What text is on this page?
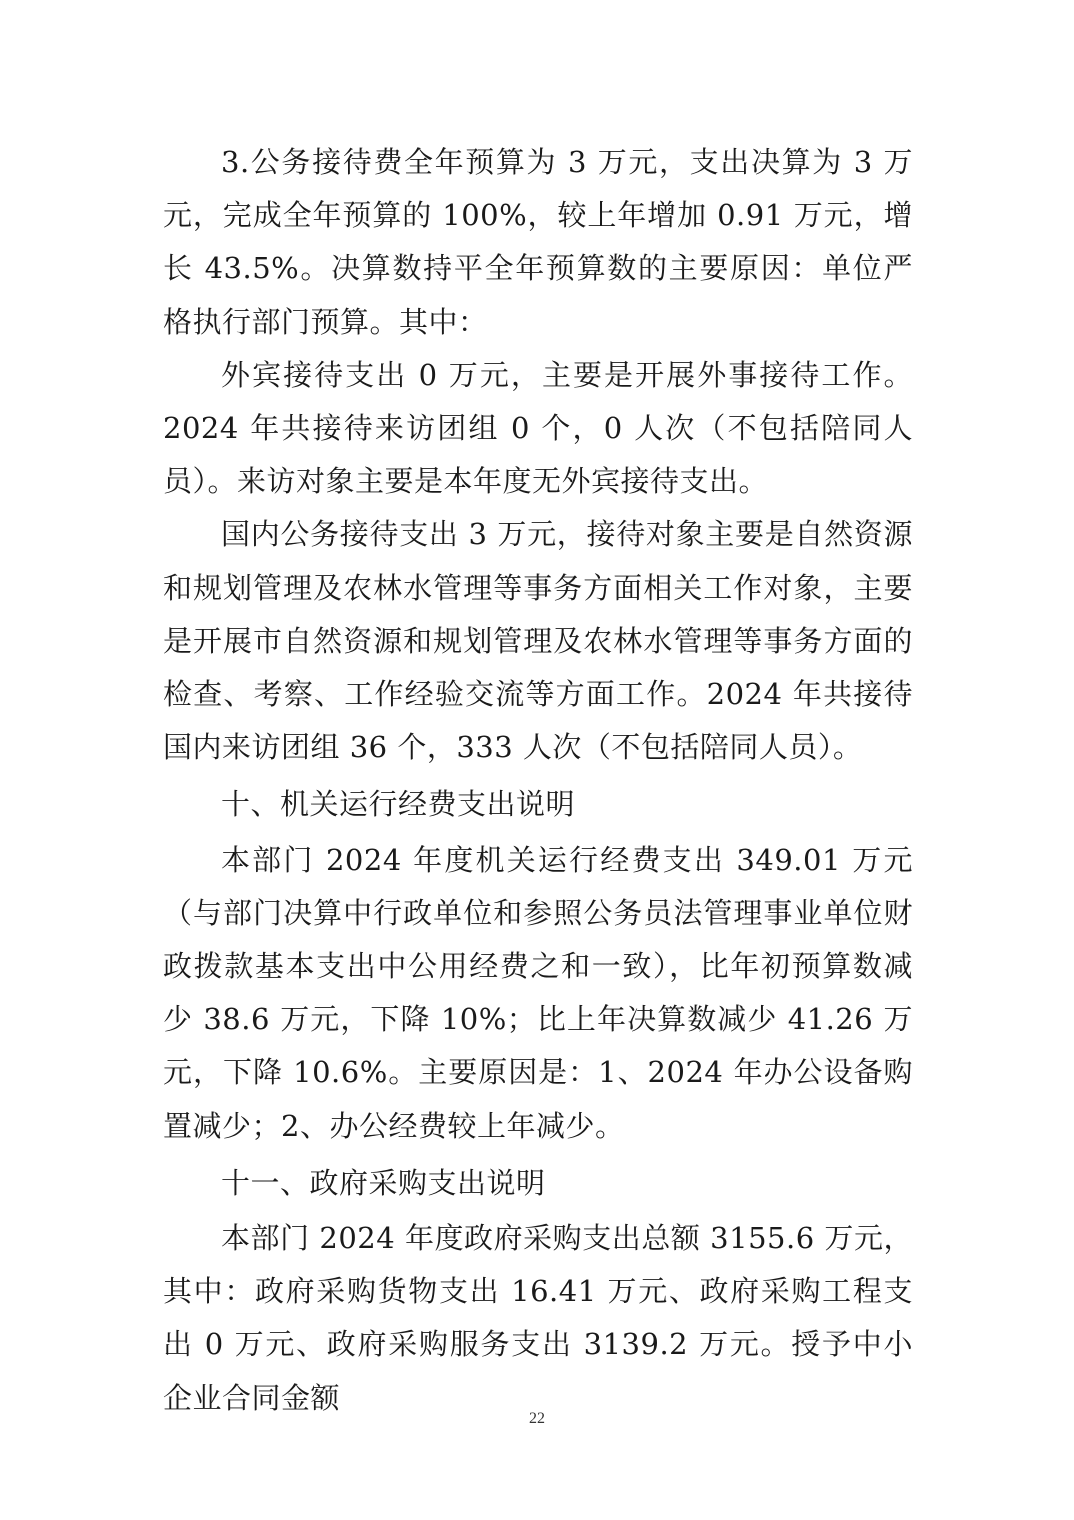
3.公务接待费全年预算为 3 万元，支出决算为 3 万元，完成全年预算的 100%，较上年增加 0.91 万元，增长 43.5%。决算数持平全年预算数的主要原因：单位严格执行部门预算。其中：

外宾接待支出 0 万元，主要是开展外事接待工作。2024 年共接待来访团组 0 个，0 人次（不包括陪同人员）。来访对象主要是本年度无外宾接待支出。

国内公务接待支出 3 万元，接待对象主要是自然资源和规划管理及农林水管理等事务方面相关工作对象，主要是开展市自然资源和规划管理及农林水管理等事务方面的检查、考察、工作经验交流等方面工作。2024 年共接待国内来访团组 36 个，333 人次（不包括陪同人员）。

十、机关运行经费支出说明

本部门 2024 年度机关运行经费支出 349.01 万元（与部门决算中行政单位和参照公务员法管理事业单位财政拨款基本支出中公用经费之和一致），比年初预算数减少 38.6 万元，下降 10%；比上年决算数减少 41.26 万元，下降 10.6%。主要原因是：1、2024 年办公设备购置减少；2、办公经费较上年减少。

十一、政府采购支出说明

本部门 2024 年度政府采购支出总额 3155.6 万元，其中：政府采购货物支出 16.41 万元、政府采购工程支出 0 万元、政府采购服务支出 3139.2 万元。授予中小企业合同金额

22
